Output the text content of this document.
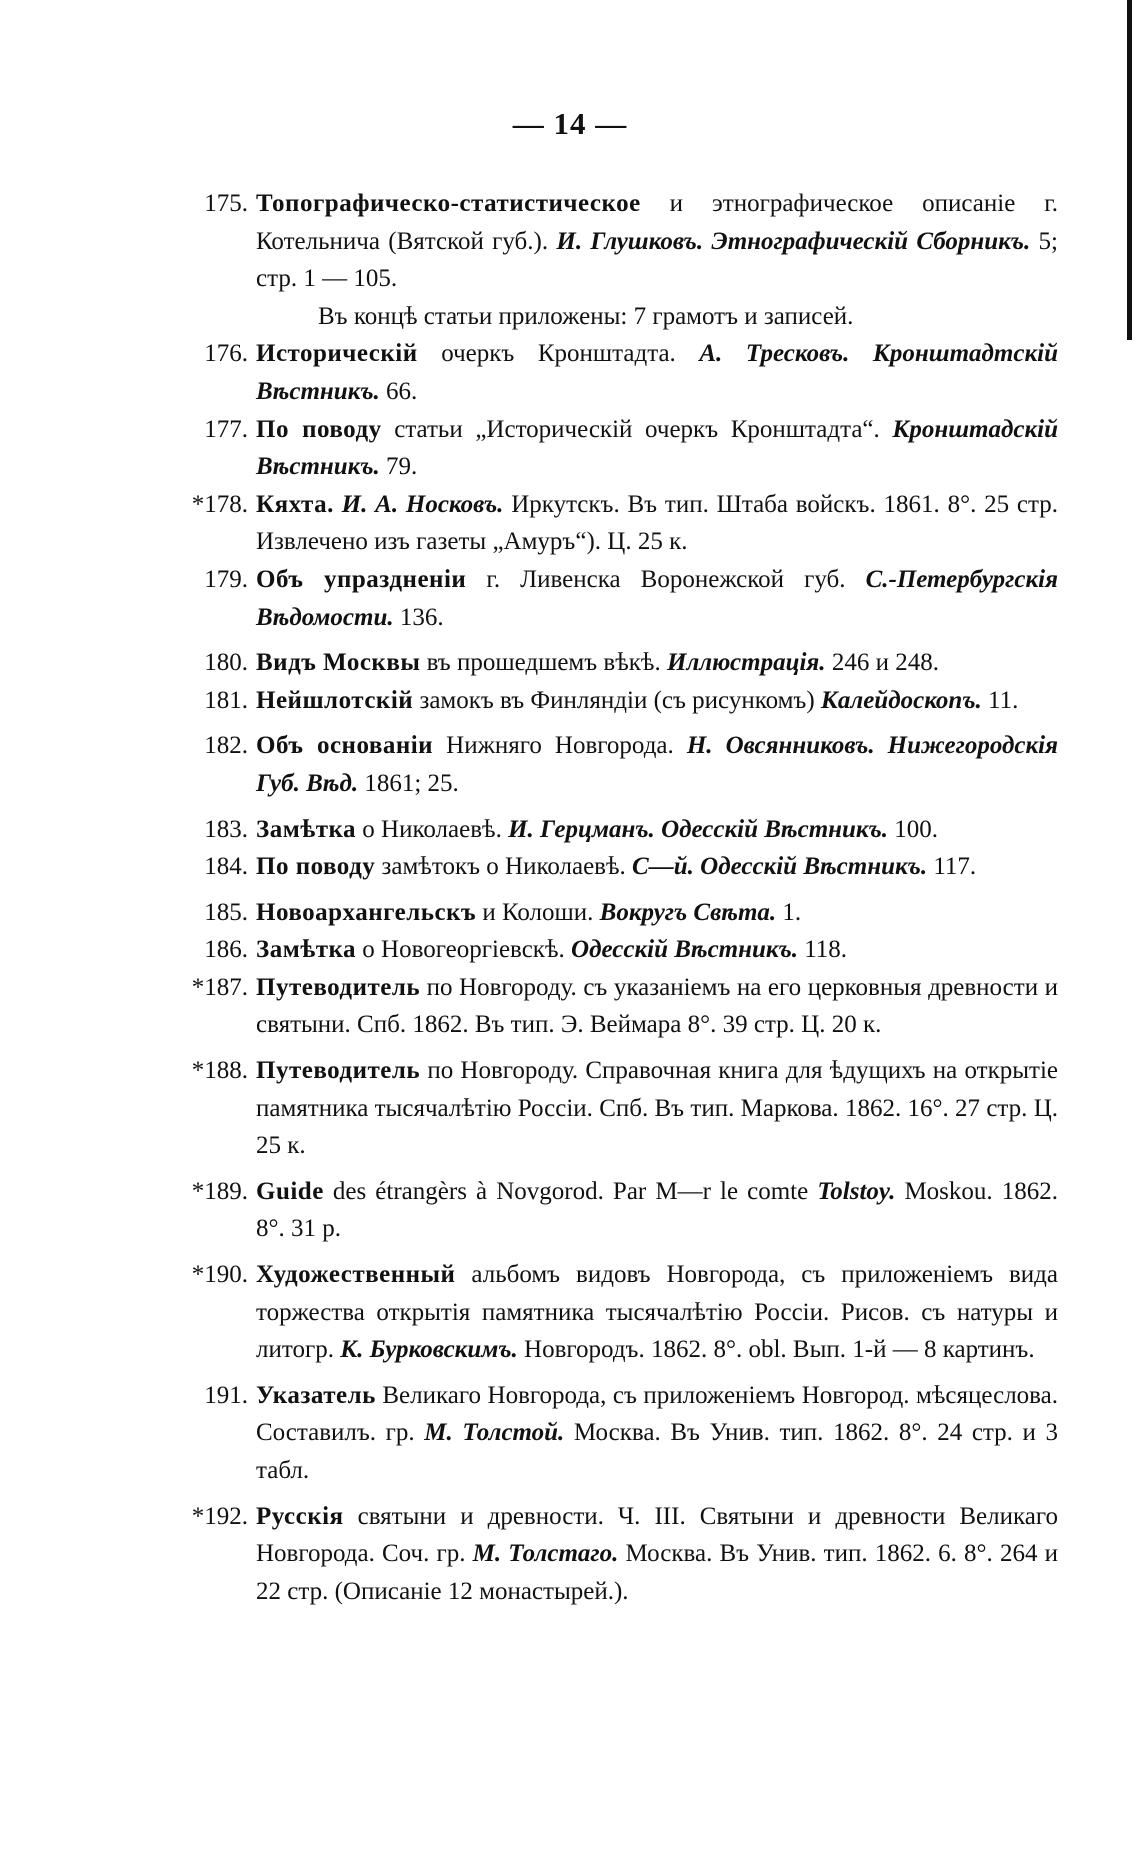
— 14 —
175. Топографическо-статистическое и этнографическое описаніе г. Котельнича (Вятской губ.). И. Глушковъ. Этнографическій Сборникъ. 5; стр. 1 — 105.
Въ концѣ статьи приложены: 7 грамотъ и записей.
176. Историческій очеркъ Кронштадта. А. Тресковъ. Кронштадтскій Вѣстникъ. 66.
177. По поводу статьи „Историческій очеркъ Кронштадта“. Кронштадскій Вѣстникъ. 79.
*178. Кяхта. И. А. Носковъ. Иркутскъ. Въ тип. Штаба войскъ. 1861. 8°. 25 стр. Извлечено изъ газеты „Амуръ“). Ц. 25 к.
179. Объ упраздненіи г. Ливенска Воронежской губ. С.-Петербургскія Вѣдомости. 136.
180. Видъ Москвы въ прошедшемъ вѣкѣ. Иллюстрація. 246 и 248.
181. Нейшлотскій замокъ въ Финляндіи (съ рисункомъ) Калейдоскопъ. 11.
182. Объ основаніи Нижняго Новгорода. Н. Овсянниковъ. Нижегородскія Губ. Вѣд. 1861; 25.
183. Замѣтка о Николаевѣ. И. Герцманъ. Одесскій Вѣстникъ. 100.
184. По поводу замѣтокъ о Николаевѣ. С—й. Одесскій Вѣстникъ. 117.
185. Новоархангельскъ и Колоши. Вокругъ Свѣта. 1.
186. Замѣтка о Новогеоргіевскѣ. Одесскій Вѣстникъ. 118.
*187. Путеводитель по Новгороду. съ указаніемъ на его церковныя древности и святыни. Спб. 1862. Въ тип. Э. Веймара 8°. 39 стр. Ц. 20 к.
*188. Путеводитель по Новгороду. Справочная книга для ѣдущихъ на открытіе памятника тысячалѣтію Россіи. Спб. Въ тип. Маркова. 1862. 16°. 27 стр. Ц. 25 к.
*189. Guide des étrangèrs à Novgorod. Par M—r le comte Tolstoy. Moskou. 1862. 8°. 31 p.
*190. Художественный альбомъ видовъ Новгорода, съ приложеніемъ вида торжества открытія памятника тысячалѣтію Россіи. Рисов. съ натуры и литогр. К. Бурковскимъ. Новгородъ. 1862. 8°. obl. Вып. 1-й — 8 картинъ.
191. Указатель Великаго Новгорода, съ приложеніемъ Новгород. мѣсяцеслова. Составилъ. гр. М. Толстой. Москва. Въ Унив. тип. 1862. 8°. 24 стр. и 3 табл.
*192. Русскія святыни и древности. Ч. III. Святыни и древности Великаго Новгорода. Соч. гр. М. Толстаго. Москва. Въ Унив. тип. 1862. 6. 8°. 264 и 22 стр. (Описаніе 12 монастырей.).
